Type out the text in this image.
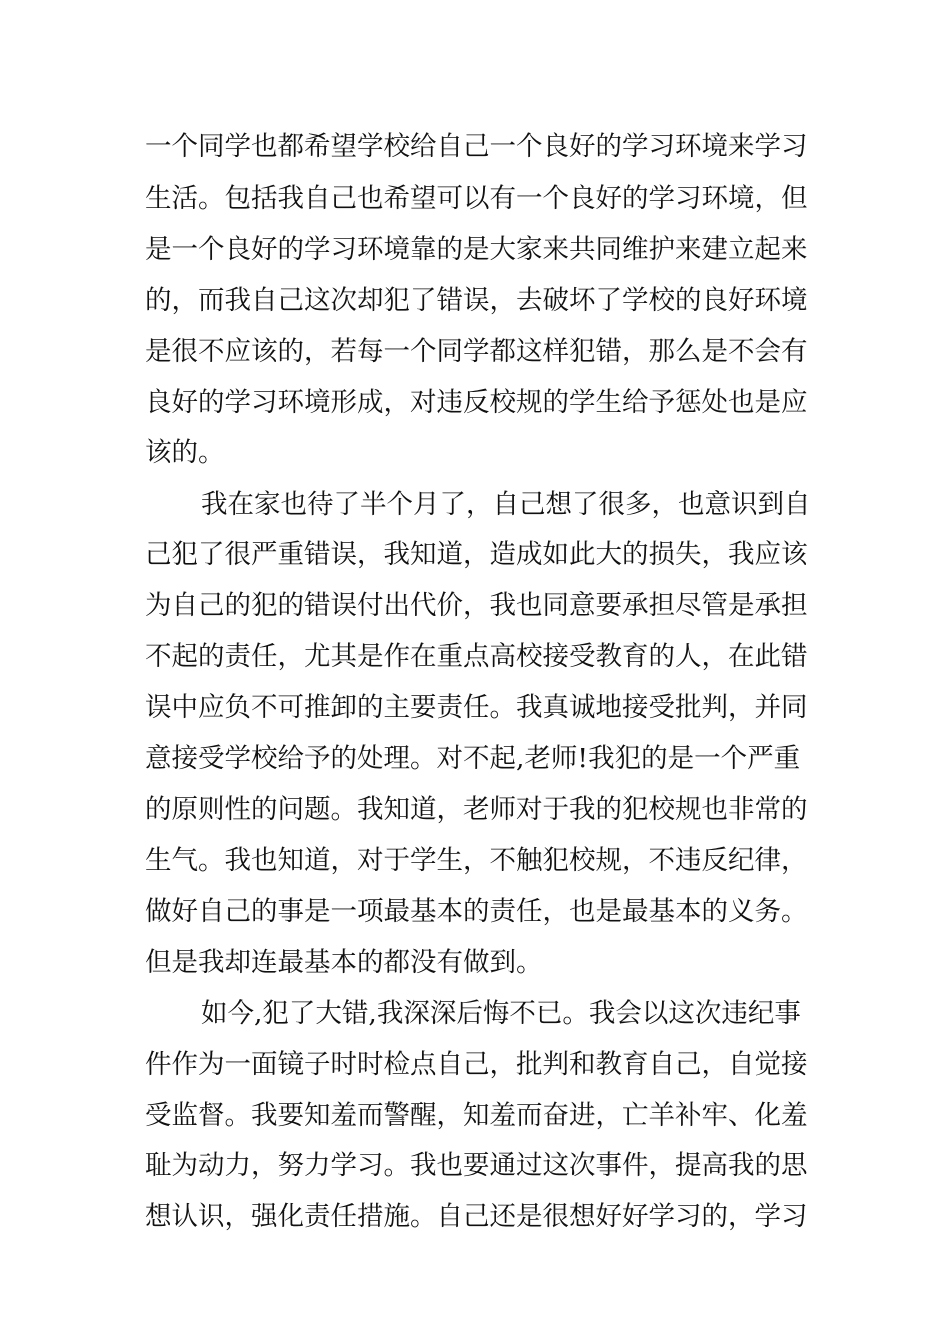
一个同学也都希望学校给自己一个良好的学习环境来学习
生活。包括我自己也希望可以有一个良好的学习环境，但
是一个良好的学习环境靠的是大家来共同维护来建立起来
的，而我自己这次却犯了错误，去破坏了学校的良好环境
是很不应该的，若每一个同学都这样犯错，那么是不会有
良好的学习环境形成，对违反校规的学生给予惩处也是应
该的。
我在家也待了半个月了，自己想了很多，也意识到自
己犯了很严重错误，我知道，造成如此大的损失，我应该
为自己的犯的错误付出代价，我也同意要承担尽管是承担
不起的责任，尤其是作在重点高校接受教育的人，在此错
误中应负不可推卸的主要责任。我真诚地接受批判，并同
意接受学校给予的处理。对不起,老师!我犯的是一个严重
的原则性的问题。我知道，老师对于我的犯校规也非常的
生气。我也知道，对于学生，不触犯校规，不违反纪律，
做好自己的事是一项最基本的责任，也是最基本的义务。
但是我却连最基本的都没有做到。
如今,犯了大错,我深深后悔不已。我会以这次违纪事
件作为一面镜子时时检点自己，批判和教育自己，自觉接
受监督。我要知羞而警醒，知羞而奋进，亡羊补牢、化羞
耻为动力，努力学习。我也要通过这次事件，提高我的思
想认识，强化责任措施。自己还是很想好好学习的，学习
